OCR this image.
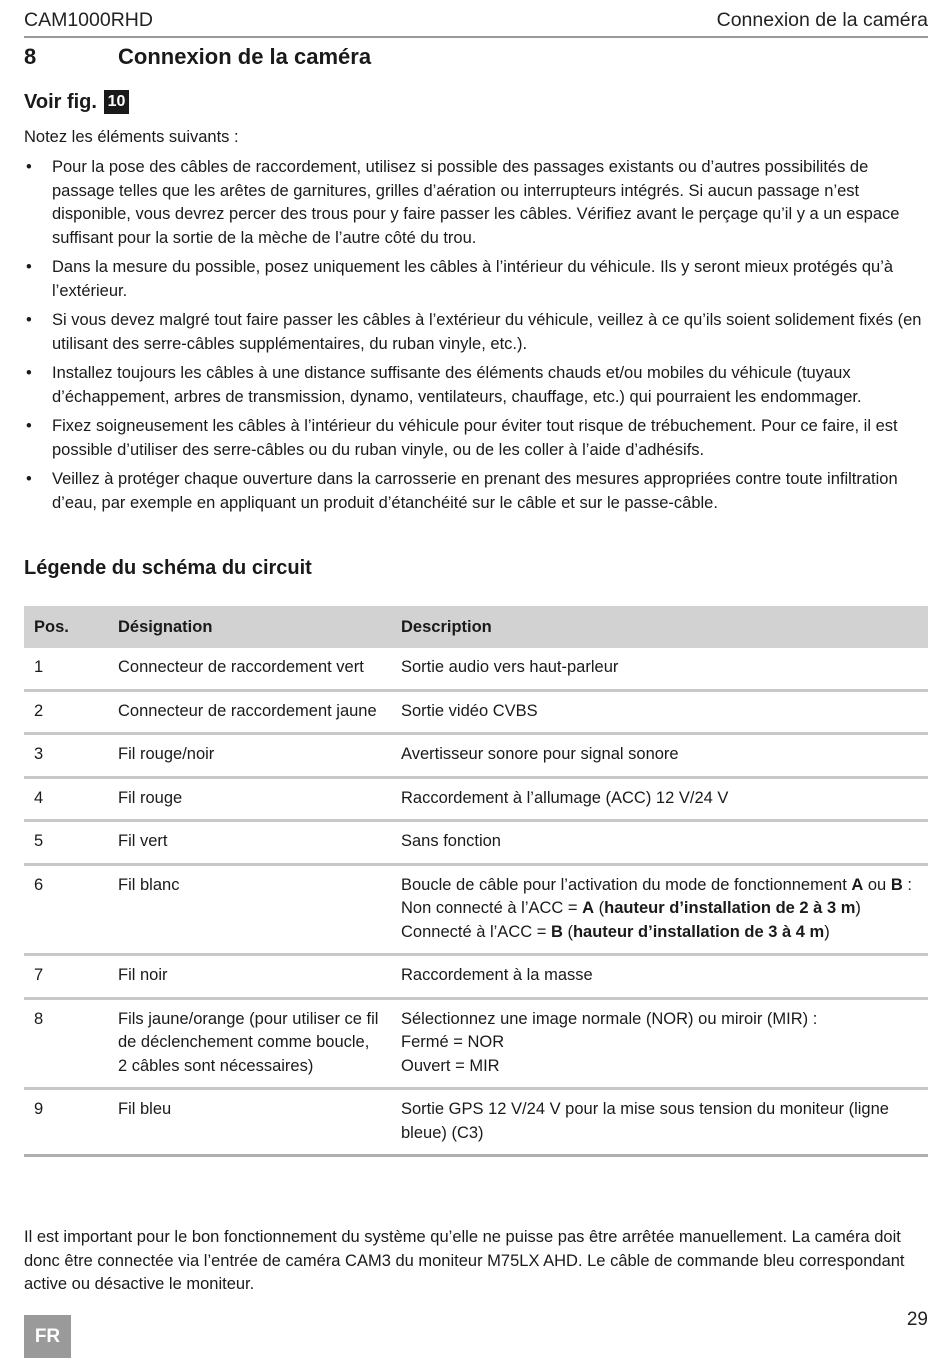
CAM1000RHD	Connexion de la caméra
8	Connexion de la caméra
Voir fig. 10

Notez les éléments suivants :

• Pour la pose des câbles de raccordement, utilisez si possible des passages existants ou d’autres possibilités de passage telles que les arêtes de garnitures, grilles d’aération ou interrupteurs intégrés. Si aucun passage n’est disponible, vous devrez percer des trous pour y faire passer les câbles. Vérifiez avant le perçage qu’il y a un espace suffisant pour la sortie de la mèche de l’autre côté du trou.
• Dans la mesure du possible, posez uniquement les câbles à l’intérieur du véhicule. Ils y seront mieux protégés qu’à l’extérieur.
• Si vous devez malgré tout faire passer les câbles à l’extérieur du véhicule, veillez à ce qu’ils soient solidement fixés (en utilisant des serre-câbles supplémentaires, du ruban vinyle, etc.).
• Installez toujours les câbles à une distance suffisante des éléments chauds et/ou mobiles du véhicule (tuyaux d’échappement, arbres de transmission, dynamo, ventilateurs, chauffage, etc.) qui pourraient les endommager.
• Fixez soigneusement les câbles à l’intérieur du véhicule pour éviter tout risque de trébuchement. Pour ce faire, il est possible d’utiliser des serre-câbles ou du ruban vinyle, ou de les coller à l’aide d’adhésifs.
• Veillez à protéger chaque ouverture dans la carrosserie en prenant des mesures appropriées contre toute infiltration d’eau, par exemple en appliquant un produit d’étanchéité sur le câble et sur le passe-câble.
Légende du schéma du circuit
Pos.	Désignation	Description
1	Connecteur de raccordement vert	Sortie audio vers haut-parleur
2	Connecteur de raccordement jaune	Sortie vidéo CVBS
3	Fil rouge/noir	Avertisseur sonore pour signal sonore
4	Fil rouge	Raccordement à l’allumage (ACC) 12 V/24 V
5	Fil vert	Sans fonction
6	Fil blanc	Boucle de câble pour l’activation du mode de fonctionnement A ou B :
Non connecté à l’ACC = A (hauteur d’installation de 2 à 3 m)
Connecté à l’ACC = B (hauteur d’installation de 3 à 4 m)

7	Fil noir	Raccordement à la masse
8	Fils jaune/orange (pour utiliser ce fil de déclenchement comme boucle, 2 câbles sont nécessaires)	Sélectionnez une image normale (NOR) ou miroir (MIR) :
Fermé = NOR
Ouvert = MIR

9	Fil bleu	Sortie GPS 12 V/24 V pour la mise sous tension du moniteur (ligne bleue) (C3)

Il est important pour le bon fonctionnement du système qu’elle ne puisse pas être arrêtée manuellement. La caméra doit donc être connectée via l’entrée de caméra CAM3 du moniteur M75LX AHD. Le câble de commande bleu correspondant active ou désactive le moniteur.

FR
29
